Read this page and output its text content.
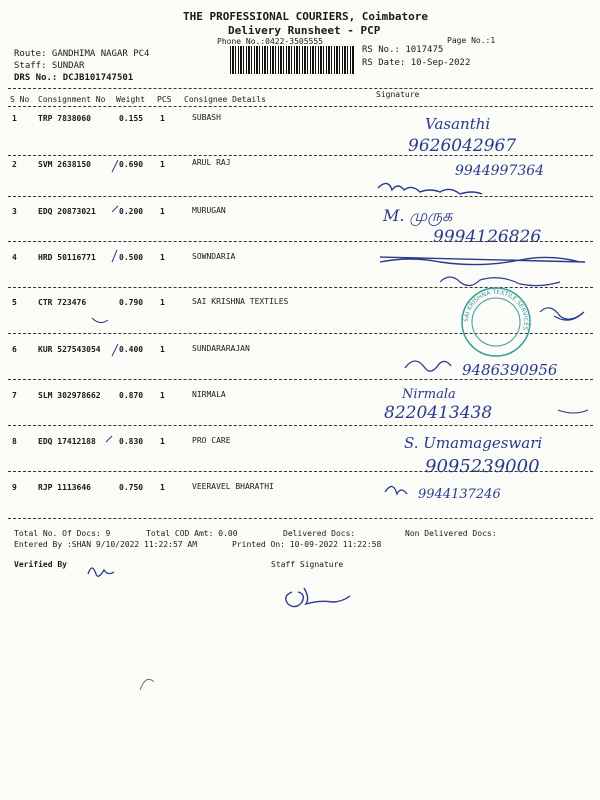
THE PROFESSIONAL COURIERS, Coimbatore
Delivery Runsheet - PCP
Phone No.:0422-3505555	Page No.:1
Route: GANDHIMA NAGAR PC4
Staff: SUNDAR
DRS No.: DCJB101747501
RS No.: 1017475
RS Date: 10-Sep-2022
S No Consignment No Weight PCS Consignee Details
Signature
1	TRP 7838060	0.155 1	SUBASH	Vasanthi
9626042967
2	SVM 2638150	0.690 1	ARUL RAJ
9944997364
3	EDQ 20873021	0.200 1	MURUGAN	M. முருக
9994126826
4	HRD 50116771	0.500 1	SOWNDARIA
5	CTR 723476	0.790 1	SAI KRISHNA TEXTILES
6	KUR 527543054 0.400 1	SUNDARARAJAN
9486390956
7	SLM 302978662 0.870 1	NIRMALA	Nirmala
8220413438
8	EDQ 17412188	0.830 1	PRO CARE	S. Umamageswari
9095239000
9	RJP 1113646	0.750 1	VEERAVEL BHARATHI
9944137246
SAI KRISHNA TEXTILE SERVICES
Total No. Of Docs: 9	Total COD Amt: 0.00	Delivered Docs:	Non Delivered Docs:
Entered By :SHAN 9/10/2022 11:22:57 AM	Printed On: 10-09-2022 11:22:58
Verified By	Staff Signature
